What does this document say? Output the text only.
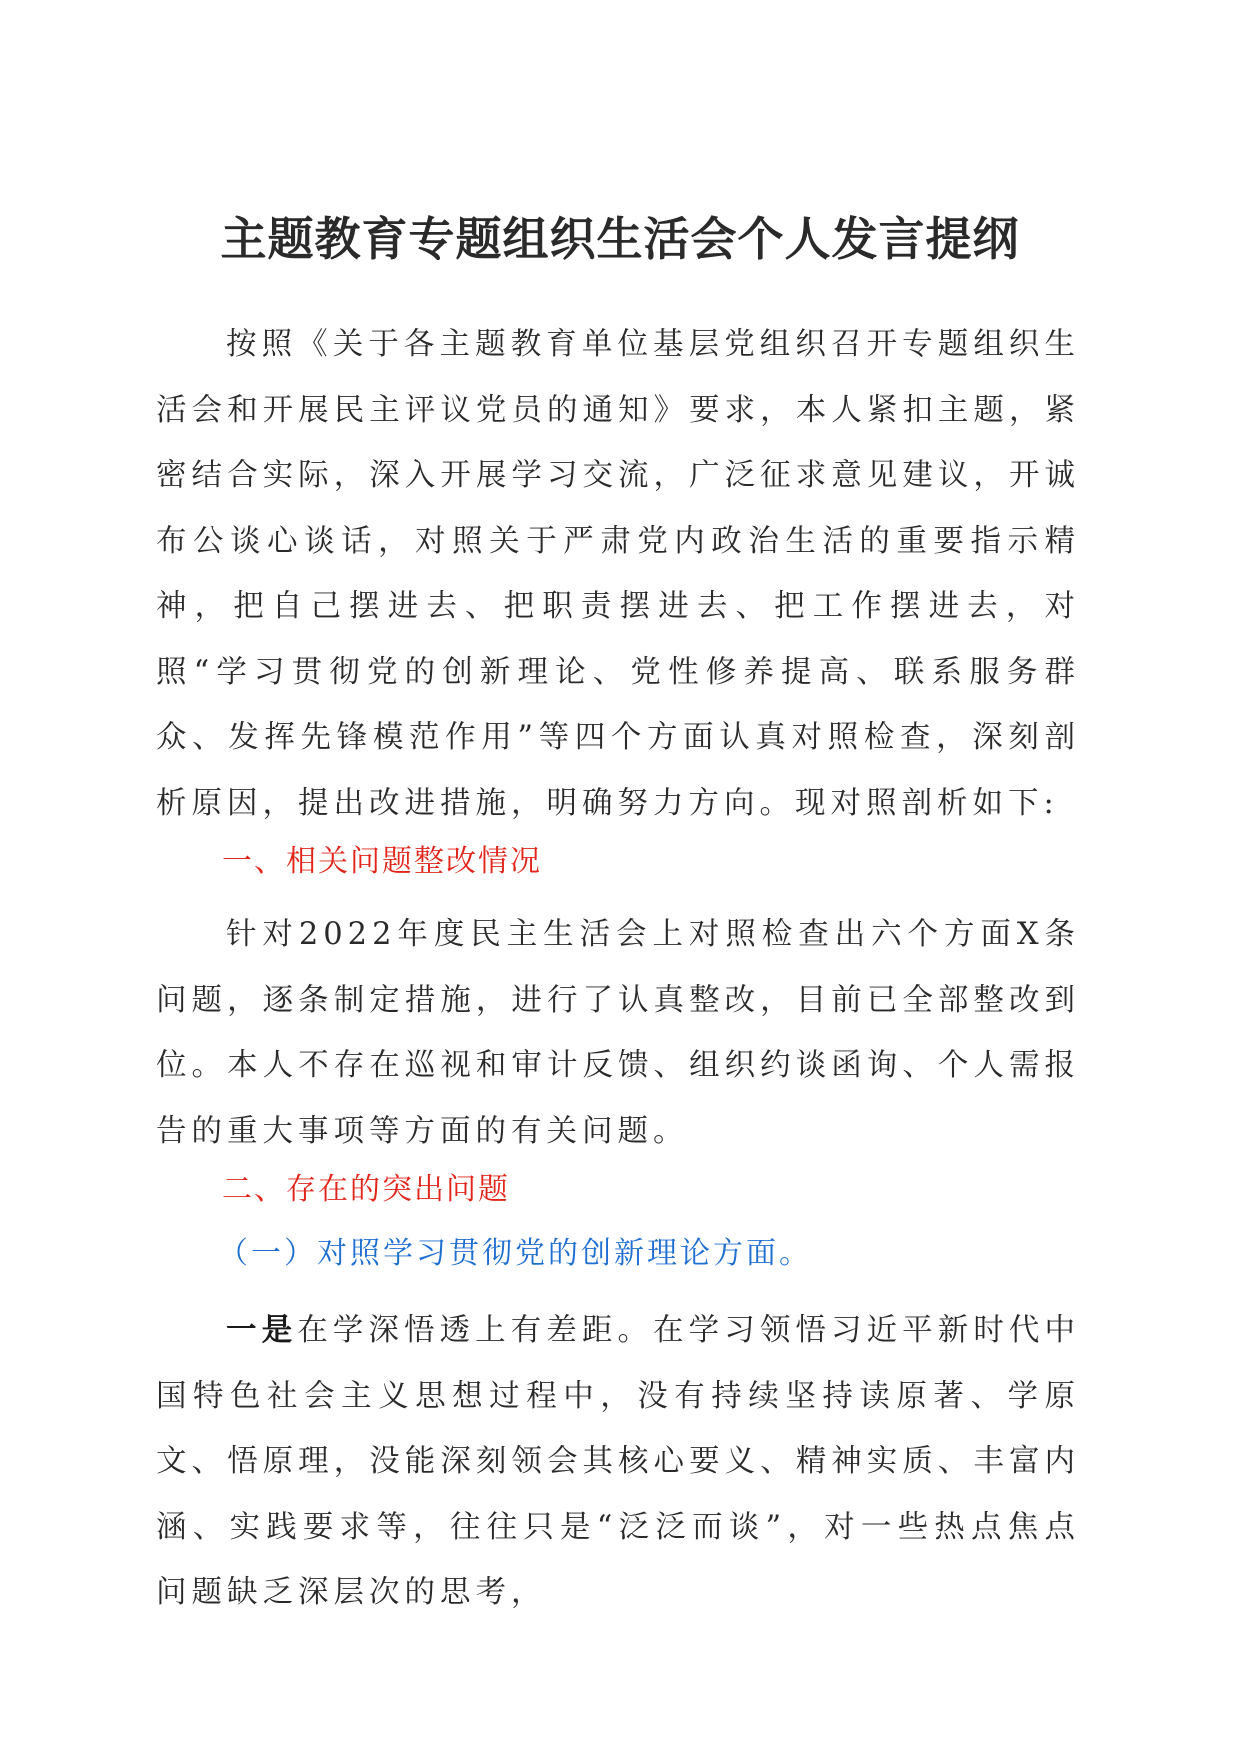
主题教育专题组织生活会个人发言提纲
按照《关于各主题教育单位基层党组织召开专题组织生活会和开展民主评议党员的通知》要求，本人紧扣主题，紧密结合实际，深入开展学习交流，广泛征求意见建议，开诚布公谈心谈话，对照关于严肃党内政治生活的重要指示精神，把自己摆进去、把职责摆进去、把工作摆进去，对照“学习贯彻党的创新理论、党性修养提高、联系服务群众、发挥先锋模范作用”等四个方面认真对照检查，深刻剖析原因，提出改进措施，明确努力方向。现对照剖析如下:
一、相关问题整改情况
针对2022年度民主生活会上对照检查出六个方面X条问题，逐条制定措施，进行了认真整改，目前已全部整改到位。本人不存在巡视和审计反馈、组织约谈函询、个人需报告的重大事项等方面的有关问题。
二、存在的突出问题
（一）对照学习贯彻党的创新理论方面。
一是在学深悟透上有差距。在学习领悟习近平新时代中国特色社会主义思想过程中，没有持续坚持读原著、学原文、悟原理，没能深刻领会其核心要义、精神实质、丰富内涵、实践要求等，往往只是“泛泛而谈”，对一些热点焦点问题缺乏深层次的思考，
